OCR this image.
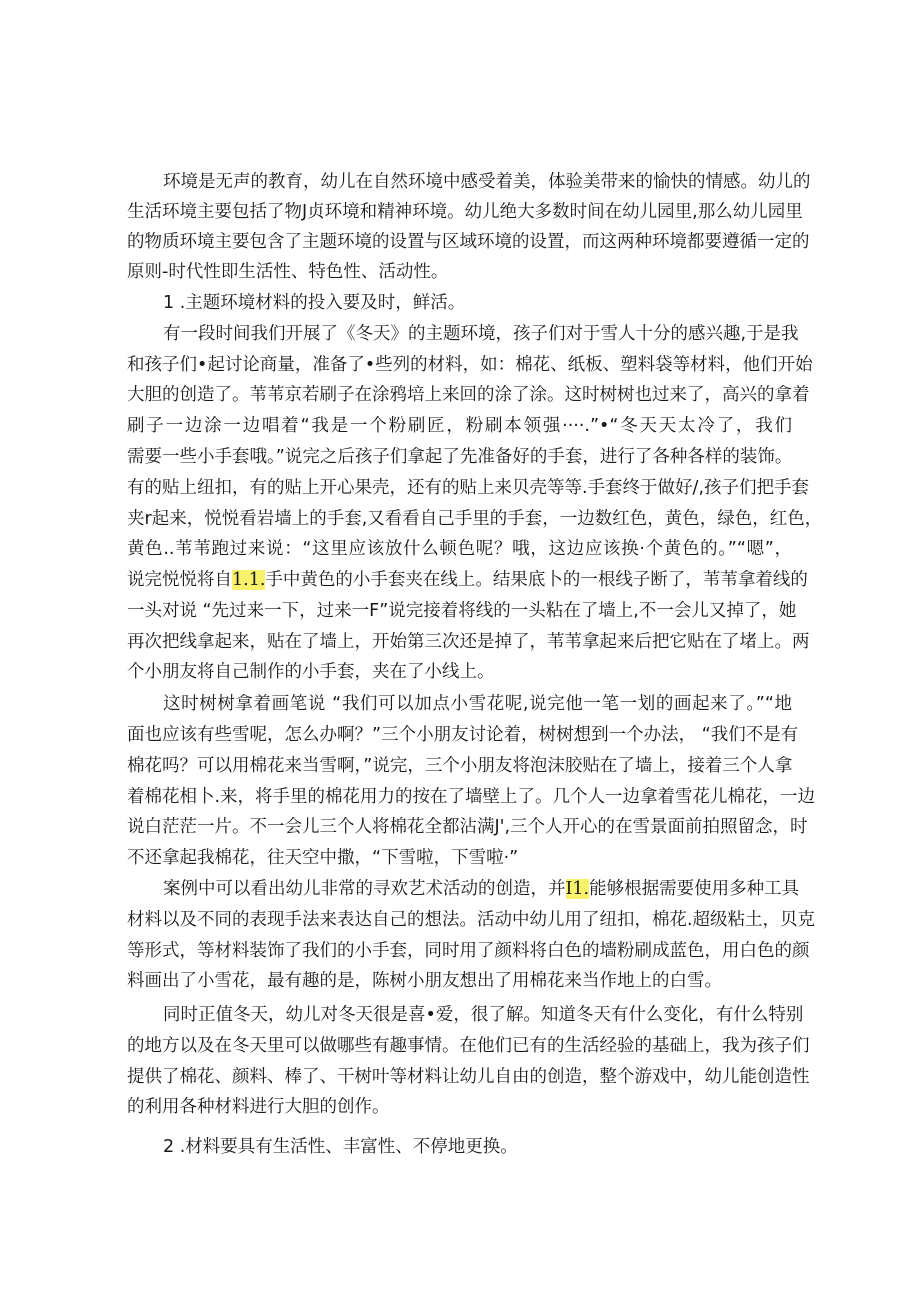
环境是无声的教育，幼儿在自然环境中感受着美，体验美带来的愉快的情感。幼儿的
生活环境主要包括了物J贞环境和精神环境。幼儿绝大多数时间在幼儿园里,那么幼儿园里
的物质环境主要包含了主题环境的设置与区域环境的设置，而这两种环境都要遵循一定的
原则-时代性即生活性、特色性、活动性。
1 .主题环境材料的投入要及时，鲜活。
有一段时间我们开展了《冬天》的主题环境，孩子们对于雪人十分的感兴趣,于是我
和孩子们•起讨论商量，准备了•些列的材料，如：棉花、纸板、塑料袋等材料，他们开始
大胆的创造了。苇苇京若刷子在涂鸦培上来回的涂了涂。这时树树也过来了，高兴的拿着
刷子一边涂一边唱着“我是一个粉刷匠，粉刷本领强····.”•“冬天天太冷了，我们
需要一些小手套哦。”说完之后孩子们拿起了先准备好的手套，进行了各种各样的装饰。
有的贴上纽扣，有的贴上开心果壳，还有的贴上来贝壳等等.手套终于做好/,孩子们把手套
夹r起来，悦悦看岩墙上的手套,又看看自己手里的手套，一边数红色，黄色，绿色，红色，
黄色..苇苇跑过来说：“这里应该放什么顿色呢？哦，这边应该换·个黄色的。”“嗯”，
说完悦悦将自1.1.手中黄色的小手套夹在线上。结果底卜的一根线子断了，苇苇拿着线的
一头对说 “先过来一下，过来一F”说完接着将线的一头粘在了墙上,不一会儿又掉了，她
再次把线拿起来，贴在了墙上，开始第三次还是掉了，苇苇拿起来后把它贴在了堵上。两
个小朋友将自己制作的小手套，夹在了小线上。
这时树树拿着画笔说 “我们可以加点小雪花呢,说完他一笔一划的画起来了。”“地
面也应该有些雪呢，怎么办啊？”三个小朋友讨论着，树树想到一个办法， “我们不是有
棉花吗？可以用棉花来当雪啊，”说完，三个小朋友将泡沫胶贴在了墙上，接着三个人拿
着棉花相卜.来，将手里的棉花用力的按在了墙壁上了。几个人一边拿着雪花儿棉花，一边
说白茫茫一片。不一会儿三个人将棉花全都沾满J',三个人开心的在雪景面前拍照留念，时
不还拿起我棉花，往天空中撒，“下雪啦，下雪啦·”
案例中可以看出幼儿非常的寻欢艺术活动的创造，并I1.能够根据需要使用多种工具
材料以及不同的表现手法来表达自己的想法。活动中幼儿用了纽扣，棉花.超级粘土，贝克
等形式，等材料装饰了我们的小手套，同时用了颜料将白色的墙粉刷成蓝色，用白色的颜
料画出了小雪花，最有趣的是，陈树小朋友想出了用棉花来当作地上的白雪。
同时正值冬天，幼儿对冬天很是喜•爱，很了解。知道冬天有什么变化，有什么特别
的地方以及在冬天里可以做哪些有趣事情。在他们已有的生活经验的基础上，我为孩子们
提供了棉花、颜料、棒了、干树叶等材料让幼儿自由的创造，整个游戏中，幼儿能创造性
的利用各种材料进行大胆的创作。
2 .材料要具有生活性、丰富性、不停地更换。
